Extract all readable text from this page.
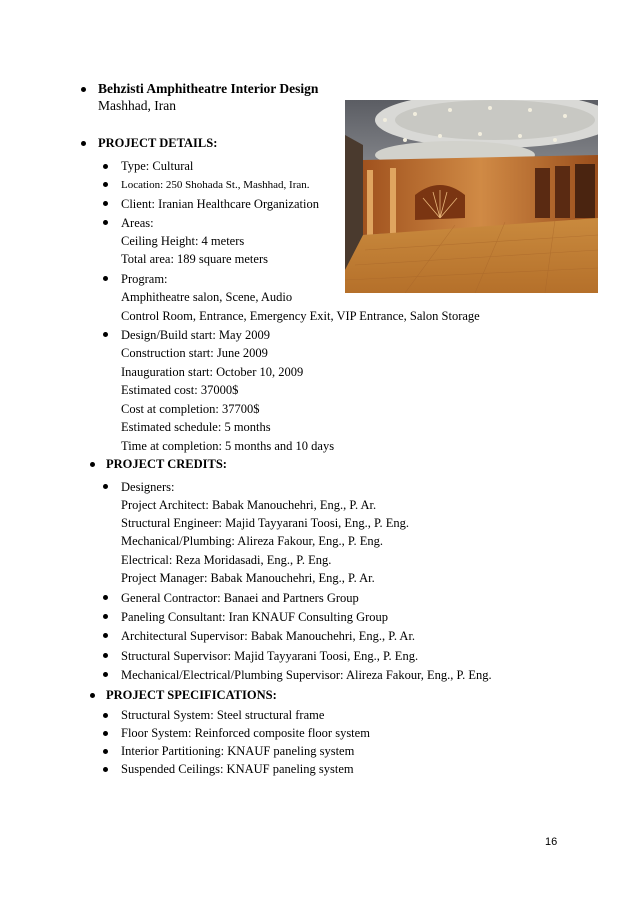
Behzisti Amphitheatre Interior Design
Mashhad, Iran
PROJECT DETAILS:
Type: Cultural
Location: 250 Shohada St., Mashhad, Iran.
Client: Iranian Healthcare Organization
Areas:
Ceiling Height: 4 meters
Total area: 189 square meters
Program:
Amphitheatre salon, Scene, Audio
Control Room, Entrance, Emergency Exit, VIP Entrance, Salon Storage
Design/Build start: May 2009
Construction start: June 2009
Inauguration start: October 10, 2009
Estimated cost: 37000$
Cost at completion: 37700$
Estimated schedule: 5 months
Time at completion: 5 months and 10 days
PROJECT CREDITS:
Designers:
Project Architect: Babak Manouchehri, Eng., P. Ar.
Structural Engineer: Majid Tayyarani Toosi, Eng., P. Eng.
Mechanical/Plumbing: Alireza Fakour, Eng., P. Eng.
Electrical: Reza Moridasadi, Eng., P. Eng.
Project Manager: Babak Manouchehri, Eng., P. Ar.
General Contractor: Banaei and Partners Group
Paneling Consultant: Iran KNAUF Consulting Group
Architectural Supervisor: Babak Manouchehri, Eng., P. Ar.
Structural Supervisor: Majid Tayyarani Toosi, Eng., P. Eng.
Mechanical/Electrical/Plumbing Supervisor: Alireza Fakour, Eng., P. Eng.
PROJECT SPECIFICATIONS:
Structural System: Steel structural frame
Floor System: Reinforced composite floor system
Interior Partitioning: KNAUF paneling system
Suspended Ceilings: KNAUF paneling system
16
